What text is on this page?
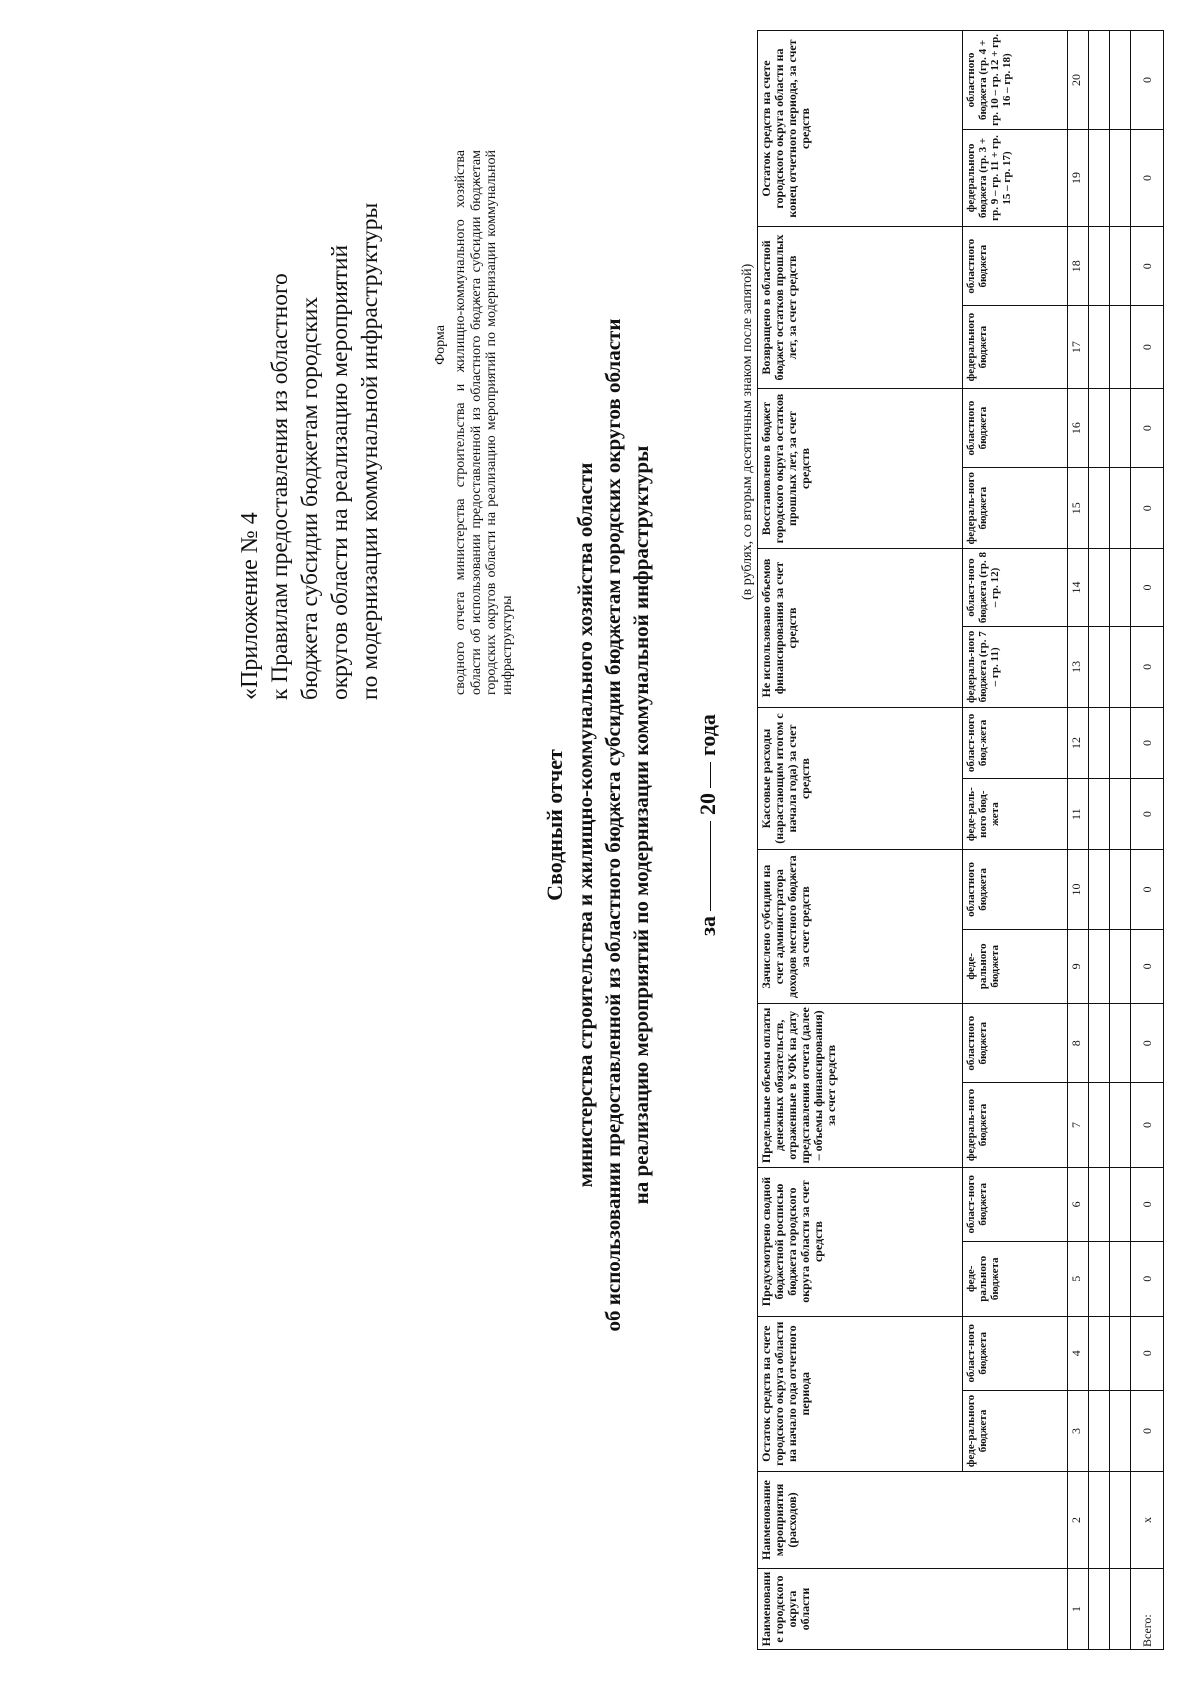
«Приложение № 4 к Правилам предоставления из областного бюджета субсидии бюджетам городских округов области на реализацию мероприятий по модернизации коммунальной инфраструктуры	Форма сводного отчета министерства строительства и жилищно-коммунального хозяйства области об использовании предоставленной из областного бюджета субсидии бюджетам городских округов области на реализацию мероприятий по модернизации коммунальной инфраструктуры
Сводный отчет министерства строительства и жилищно-коммунального хозяйства области об использовании предоставленной из областного бюджета субсидии бюджетам городских округов области на реализацию мероприятий по модернизации коммунальной инфраструктуры за  20  года
(в рублях, со вторым десятичным знаком после запятой)
Наименование городского округа области	Наименование мероприятия (расходов)	Остаток средств на счете городского округа области на начало года отчетного периода		Предусмотрено сводной бюджетной росписью бюджета городского округа области за счет средств		Предельные объемы оплаты денежных обязательств, отраженные в УФК на дату представления отчета (далее – объемы финансирования) за счет средств		Зачислено субсидии на счет администратора доходов местного бюджета за счет средств		Кассовые расходы (нарастающим итогом с начала года) за счет средств		Не использовано объемов финансирования за счет средств		Восстановлено в бюджет городского округа остатков прошлых лет, за счет средств		Возвращено в областной бюджет остатков прошлых лет, за счет средств		Остаток средств на счете городского округа области на конец отчетного периода, за счет средств	
		феде-рального бюджета	област-ного бюджета	феде-рального бюджета	област-ного бюджета	федераль-ного бюджета	областного бюджета	феде-рального бюджета	областного бюджета	феде-раль-ного бюд-жета	област-ного бюд-жета	федераль-ного бюджета (гр. 7 – гр. 11)	област-ного бюджета (гр. 8 – гр. 12)	федераль-ного бюджета	областного бюджета	федерального бюджета	областного бюджета	федерального бюджета (гр. 3 + гр. 9 – гр. 11 + гр. 15 – гр. 17)	областного бюджета (гр. 4 + гр. 10 – гр. 12 + гр. 16 – гр. 18)
1	2	3	4	5	6	7	8	9	10	11	12	13	14	15	16	17	18	19	20

Всего:	x	0	0	0	0	0	0	0	0	0	0	0	0	0	0	0	0	0	0
